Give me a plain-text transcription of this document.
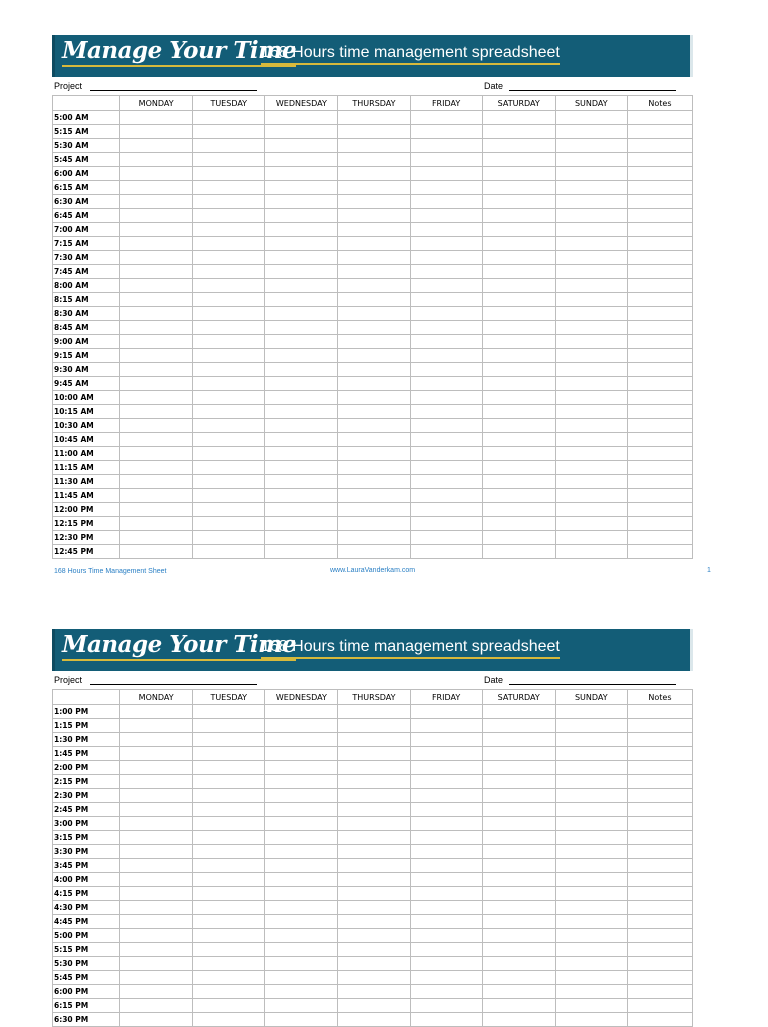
Manage Your Time
168 Hours time management spreadsheet
Project	Date
	MONDAY	TUESDAY	WEDNESDAY	THURSDAY	FRIDAY	SATURDAY	SUNDAY	Notes
5:00 AM								
5:15 AM								
5:30 AM								
5:45 AM								
6:00 AM								
6:15 AM								
6:30 AM								
6:45 AM								
7:00 AM								
7:15 AM								
7:30 AM								
7:45 AM								
8:00 AM								
8:15 AM								
8:30 AM								
8:45 AM								
9:00 AM								
9:15 AM								
9:30 AM								
9:45 AM								
10:00 AM								
10:15 AM								
10:30 AM								
10:45 AM								
11:00 AM								
11:15 AM								
11:30 AM								
11:45 AM								
12:00 PM								
12:15 PM								
12:30 PM								
12:45 PM								
168 Hours Time Management Sheet	www.LauraVanderkam.com	1
Manage Your Time
168 Hours time management spreadsheet
Project	Date
	MONDAY	TUESDAY	WEDNESDAY	THURSDAY	FRIDAY	SATURDAY	SUNDAY	Notes
1:00 PM								
1:15 PM								
1:30 PM								
1:45 PM								
2:00 PM								
2:15 PM								
2:30 PM								
2:45 PM								
3:00 PM								
3:15 PM								
3:30 PM								
3:45 PM								
4:00 PM								
4:15 PM								
4:30 PM								
4:45 PM								
5:00 PM								
5:15 PM								
5:30 PM								
5:45 PM								
6:00 PM								
6:15 PM								
6:30 PM								
